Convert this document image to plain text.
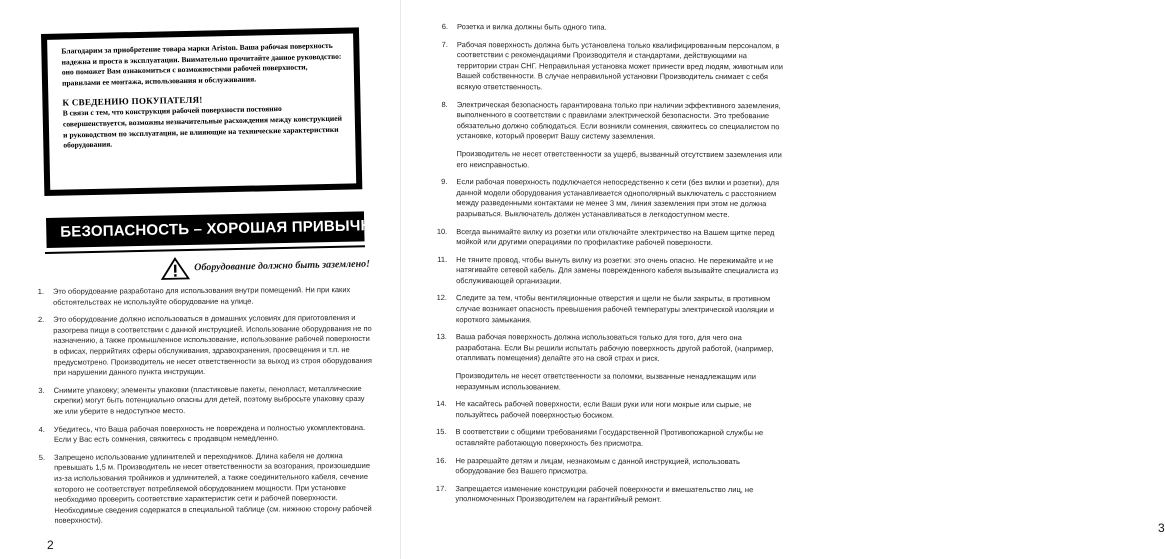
Благодарим за приобретение товара марки Ariston. Ваша рабочая поверхность надежна и проста в эксплуатации. Внимательно прочитайте данное руководство: оно поможет Вам ознакомиться с возможностями рабочей поверхности, правилами ее монтажа, использования и обслуживания.

К СВЕДЕНИЮ ПОКУПАТЕЛЯ!

В связи с тем, что конструкция рабочей поверхности постоянно совершенствуется, возможны незначительные расхождения между конструкцией и руководством по эксплуатации, не влияющие на технические характеристики оборудования.

БЕЗОПАСНОСТЬ – ХОРОШАЯ ПРИВЫЧКА
Оборудование должно быть заземлено!
1. Это оборудование разработано для использования внутри помещений. Ни при каких обстоятельствах не используйте оборудование на улице.
2. Это оборудование должно использоваться в домашних условиях для приготовления и разогрева пищи в соответствии с данной инструкцией. Использование оборудования не по назначению, а также промышленное использование, использование рабочей поверхности в офисах, перрийтиях сферы обслуживания, здравохранения, просвещения и т.п. не предусмотрено. Производитель не несет ответственности за выход из строя оборудования при нарушении данного пункта инструкции.
3. Снимите упаковку; элементы упаковки (пластиковые пакеты, пенопласт, металлические скрепки) могут быть потенциально опасны для детей, поэтому выбросьте упаковку сразу же или уберите в недоступное место.
4. Убедитесь, что Ваша рабочая поверхность не повреждена и полностью укомплектована. Если у Вас есть сомнения, свяжитесь с продавцом немедленно.
5. Запрещено использование удлинителей и переходников. Длина кабеля не должна превышать 1,5 м. Производитель не несет ответственности за возгорания, произошедшие из-за использования тройников и удлинителей, а также соединительного кабеля, сечение которого не соответствует потребляемой оборудованием мощности. При установке необходимо проверить соответствие характеристик сети и рабочей поверхности. Необходимые сведения содержатся в специальной таблице (см. нижнюю сторону рабочей поверхности).
2
6. Розетка и вилка должны быть одного типа.
7. Рабочая поверхность должна быть установлена только квалифицированным персоналом, в соответствии с рекомендациями Производителя и стандартами, действующими на территории стран СНГ. Неправильная установка может принести вред людям, животным или Вашей собственности. В случае неправильной установки Производитель снимает с себя всякую ответственность.
8. Электрическая безопасность гарантирована только при наличии эффективного заземления, выполненного в соответствии с правилами электрической безопасности. Это требование обязательно должно соблюдаться. Если возникли сомнения, свяжитесь со специалистом по установке, который проверит Вашу систему заземления.
Производитель не несет ответственности за ущерб, вызванный отсутствием заземления или его неисправностью.
9. Если рабочая поверхность подключается непосредственно к сети (без вилки и розетки), для данной модели оборудования устанавливается однополярный выключатель с расстоянием между разведенными контактами не менее 3 мм, линия заземления при этом не должна разрываться. Выключатель должен устанавливаться в легкодоступном месте.
10. Всегда вынимайте вилку из розетки или отключайте электричество на Вашем щитке перед мойкой или другими операциями по профилактике рабочей поверхности.
11. Не тяните провод, чтобы вынуть вилку из розетки: это очень опасно. Не пережимайте и не натягивайте сетевой кабель. Для замены поврежденного кабеля вызывайте специалиста из обслуживающей организации.
12. Следите за тем, чтобы вентиляционные отверстия и щели не были закрыты, в противном случае возникает опасность превышения рабочей температуры электрической изоляции и короткого замыкания.
13. Ваша рабочая поверхность должна использоваться только для того, для чего она разработана. Если Вы решили испытать рабочую поверхность другой работой, (например, отапливать помещения) делайте это на свой страх и риск.
Производитель не несет ответственности за поломки, вызванные ненадлежащим или неразумным использованием.
14. Не касайтесь рабочей поверхности, если Ваши руки или ноги мокрые или сырые, не пользуйтесь рабочей поверхностью босиком.
15. В соответствии с общими требованиями Государственной Противопожарной службы не оставляйте работающую поверхность без присмотра.
16. Не разрешайте детям и лицам, незнакомым с данной инструкцией, использовать оборудование без Вашего присмотра.
17. Запрещается изменение конструкции рабочей поверхности и вмешательство лиц, не уполномоченных Производителем на гарантийный ремонт.
3
